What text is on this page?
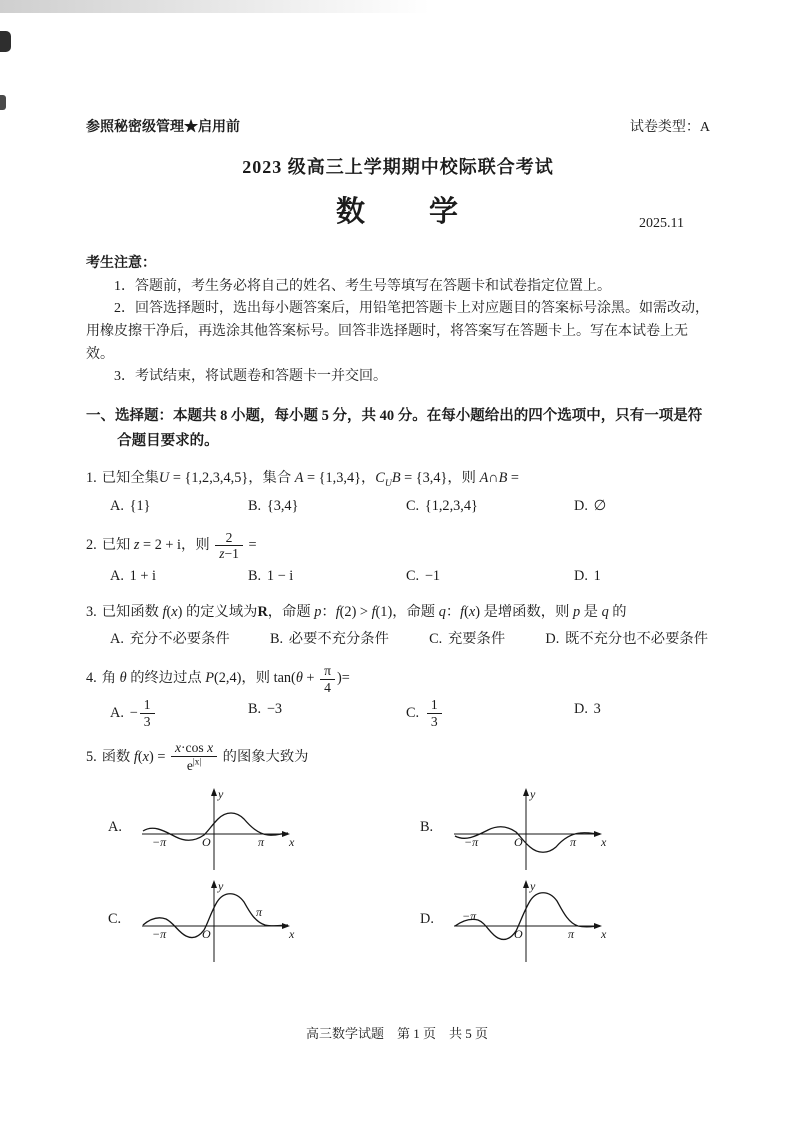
参照秘密级管理★启用前	试卷类型：A
2023 级高三上学期期中校际联合考试
数　　学	2025.11
考生注意：

1．答题前，考生务必将自己的姓名、考生号等填写在答题卡和试卷指定位置上。

2．回答选择题时，选出每小题答案后，用铅笔把答题卡上对应题目的答案标号涂黑。如需改动，用橡皮擦干净后，再选涂其他答案标号。回答非选择题时，将答案写在答题卡上。写在本试卷上无效。

3．考试结束，将试题卷和答题卡一并交回。

一、选择题：本题共 8 小题，每小题 5 分，共 40 分。在每小题给出的四个选项中，只有一项是符合题目要求的。

1. 已知全集U = {1,2,3,4,5}，集合 A = {1,3,4}，$C_UB = \{3,4\}$，则 A∩B =

A. {1}	B. {3,4}	C. {1,2,3,4}	D. ∅

2. 已知 z = 2 + i，则 $\frac{2}{z-1}$ =

A. 1 + i	B. 1 − i	C. −1	D. 1

3. 已知函数 f(x) 的定义域为R，命题 p：f(2) > f(1)，命题 q：f(x) 是增函数，则 p 是 q 的

A. 充分不必要条件	B. 必要不充分条件	C. 充要条件	D. 既不充分也不必要条件

4. 角 θ 的终边过点 P(2,4)，则 $\tan(\theta + \frac{\pi}{4}$ )=

A. − $\frac{1}{3}$	B. −3	C. $\frac{1}{3}$	D. 3

5. 函数 $f(x) = \frac{\text{x·cos x}}{e^{|x|}}$ 的图象大致为

A.
y
x
O
−π	π
B.
y
x
O
−π	π
C.
y
x
O
−π
π	D.
y
x
O
−π
π
高三数学试题　第 1 页　共 5 页
